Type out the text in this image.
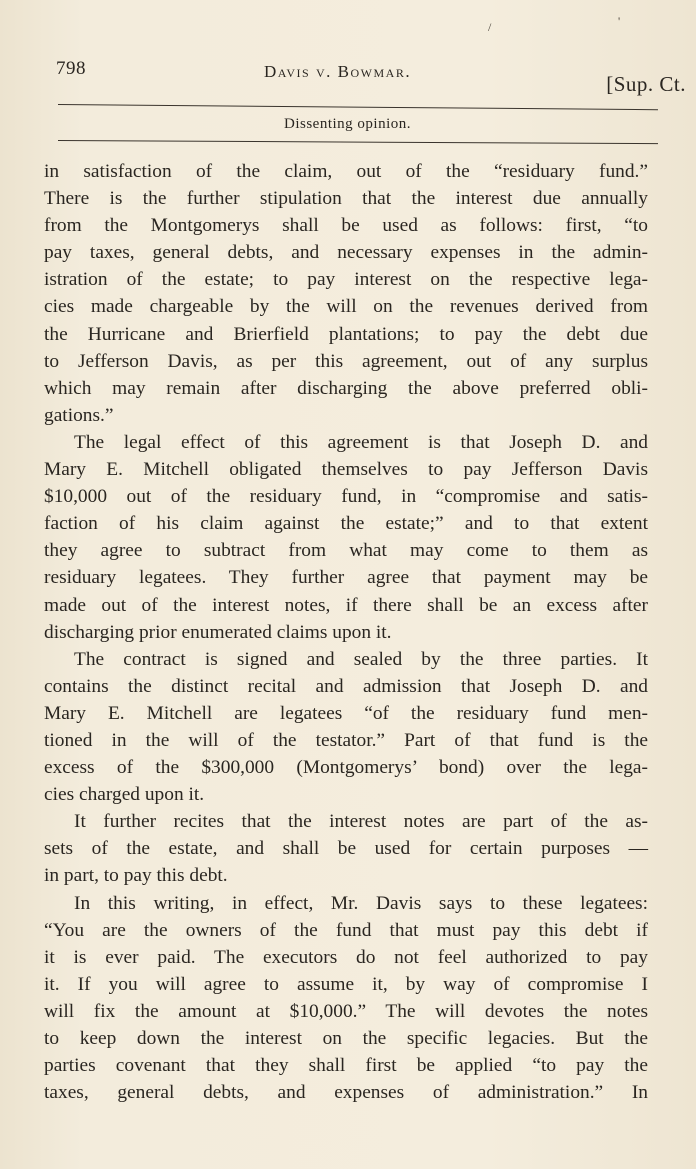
/	'
798	Davis v. Bowmar.
[Sup. Ct.
Dissenting opinion.
in satisfaction of the claim, out of the “residuary fund.”
There is the further stipulation that the interest due annually
from the Montgomerys shall be used as follows: first, “to
pay taxes, general debts, and necessary expenses in the admin-
istration of the estate; to pay interest on the respective lega-
cies made chargeable by the will on the revenues derived from
the Hurricane and Brierfield plantations; to pay the debt due
to Jefferson Davis, as per this agreement, out of any surplus
which may remain after discharging the above preferred obli-
gations.”
The legal effect of this agreement is that Joseph D. and
Mary E. Mitchell obligated themselves to pay Jefferson Davis
$10,000 out of the residuary fund, in “compromise and satis-
faction of his claim against the estate;” and to that extent
they agree to subtract from what may come to them as
residuary legatees. They further agree that payment may be
made out of the interest notes, if there shall be an excess after
discharging prior enumerated claims upon it.
The contract is signed and sealed by the three parties. It
contains the distinct recital and admission that Joseph D. and
Mary E. Mitchell are legatees “of the residuary fund men-
tioned in the will of the testator.” Part of that fund is the
excess of the $300,000 (Montgomerys’ bond) over the lega-
cies charged upon it.
It further recites that the interest notes are part of the as-
sets of the estate, and shall be used for certain purposes —
in part, to pay this debt.
In this writing, in effect, Mr. Davis says to these legatees:
“You are the owners of the fund that must pay this debt if
it is ever paid. The executors do not feel authorized to pay
it. If you will agree to assume it, by way of compromise I
will fix the amount at $10,000.” The will devotes the notes
to keep down the interest on the specific legacies. But the
parties covenant that they shall first be applied “to pay the
taxes, general debts, and expenses of administration.” In
